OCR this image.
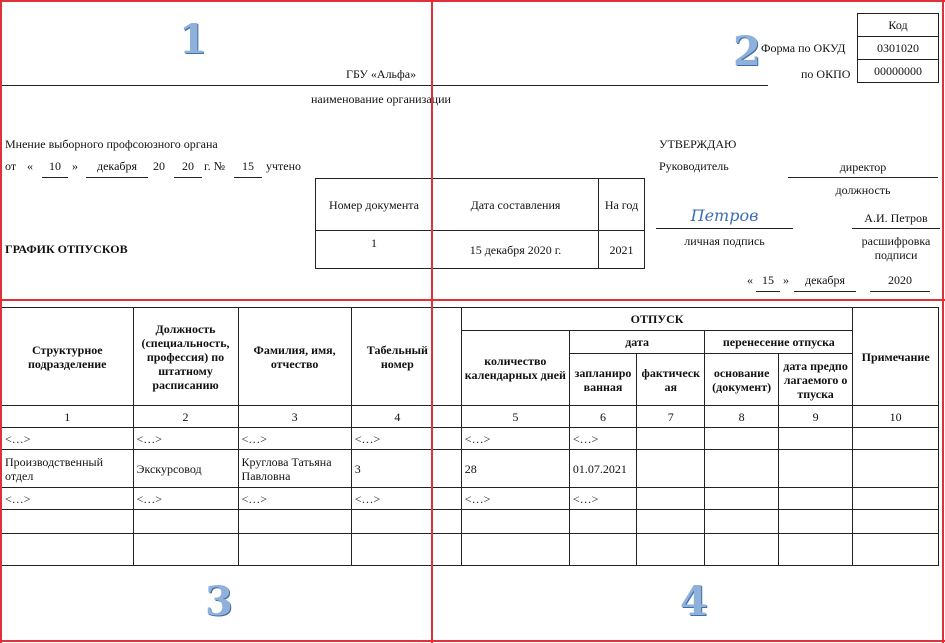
1	2
3	4
ГБУ «Альфа»
наименование организации
Форма по ОКУД
по ОКПО
Код
0301020
00000000
Мнение выборного профсоюзного органа
от «	10 »	декабря	20	20 г. №	15	учтено
ГРАФИК ОТПУСКОВ
Номер документа	Дата составления	На год
1	15 декабря 2020 г.	2021
УТВЕРЖДАЮ
Руководитель	директор
должность
Петров
личная подпись
А.И. Петров
расшифровка подписи
« 15 »	декабря	2020
Структурное подразделение	Должность (специальность, профессия) по штатному расписанию	Фамилия, имя, отчество	Табельный номер		ОТПУСК					Примечание
					количество календарных дней	дата		перенесение отпуска		
						запланированная	фактическая	основание (документ)	дата предполагаемого отпуска	
1	2	3	4		5	6	7	8	9	10
<…>	<…>	<…>	<…>		<…>	<…>				
Производственный отдел	Экскурсовод	Круглова Татьяна Павловна	3		28	01.07.2021				
<…>	<…>	<…>	<…>		<…>	<…>				
